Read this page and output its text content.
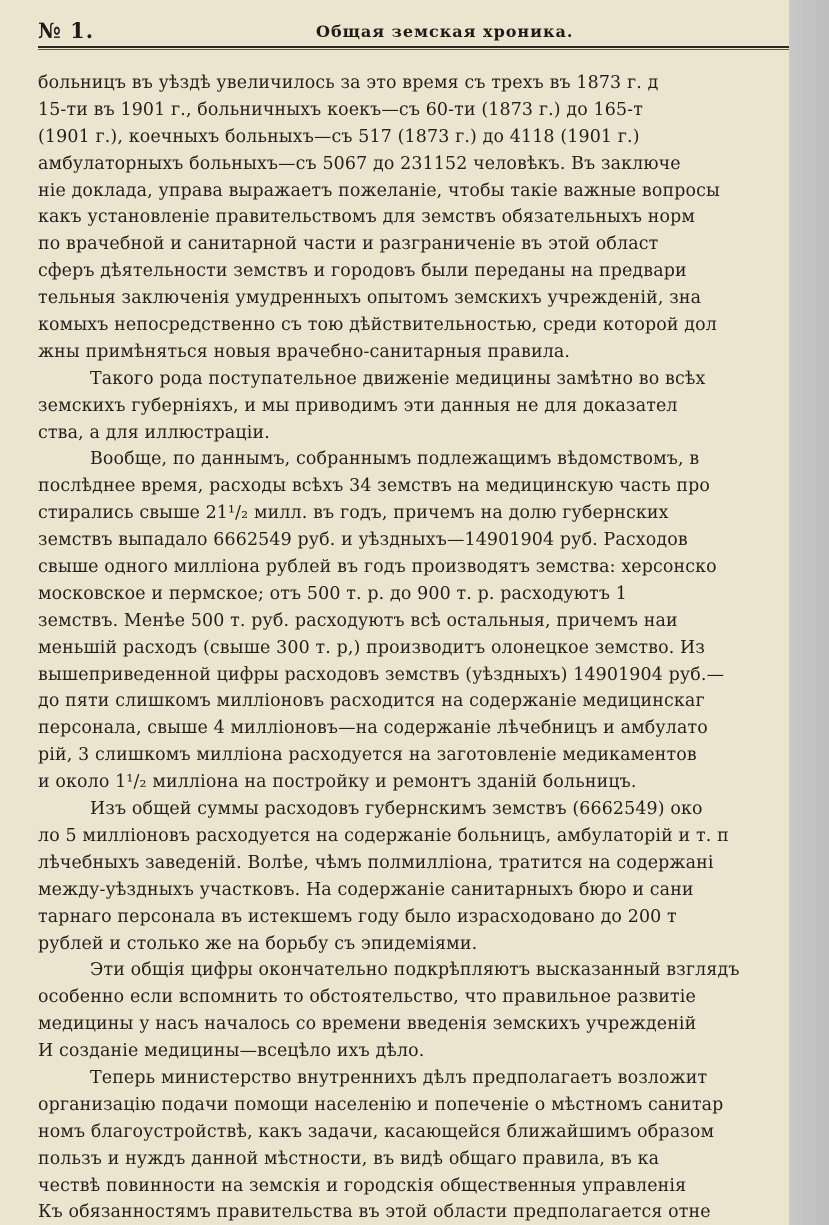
№ 1.	Общая земская хроника.
больницъ въ уѣздѣ увеличилось за это время съ трехъ въ 1873 г. д
15-ти въ 1901 г., больничныхъ коекъ—съ 60-ти (1873 г.) до 165-т
(1901 г.), коечныхъ больныхъ—съ 517 (1873 г.) до 4118 (1901 г.)
амбулаторныхъ больныхъ—съ 5067 до 231152 человѣкъ. Въ заключе
ніе доклада, управа выражаетъ пожеланіе, чтобы такіе важные вопросы
какъ установленіе правительствомъ для земствъ обязательныхъ норм
по врачебной и санитарной части и разграниченіе въ этой област
сферъ дѣятельности земствъ и городовъ были переданы на предвари
тельныя заключенія умудренныхъ опытомъ земскихъ учрежденій, зна
комыхъ непосредственно съ тою дѣйствительностью, среди которой дол
жны примѣняться новыя врачебно-санитарныя правила.
Такого рода поступательное движеніе медицины замѣтно во всѣх
земскихъ губерніяхъ, и мы приводимъ эти данныя не для доказател
ства, а для иллюстраціи.
Вообще, по даннымъ, собраннымъ подлежащимъ вѣдомствомъ, в
послѣднее время, расходы всѣхъ 34 земствъ на медицинскую часть про
стирались свыше 21¹/₂ милл. въ годъ, причемъ на долю губернских
земствъ выпадало 6662549 руб. и уѣздныхъ—14901904 руб. Расходов
свыше одного милліона рублей въ годъ производятъ земства: херсонско
московское и пермское; отъ 500 т. р. до 900 т. р. расходуютъ 1
земствъ. Менѣе 500 т. руб. расходуютъ всѣ остальныя, причемъ наи
меньшій расходъ (свыше 300 т. р,) производитъ олонецкое земство. Из
вышеприведенной цифры расходовъ земствъ (уѣздныхъ) 14901904 руб.—
до пяти слишкомъ милліоновъ расходится на содержаніе медицинскаг
персонала, свыше 4 милліоновъ—на содержаніе лѣчебницъ и амбулато
рій, 3 слишкомъ милліона расходуется на заготовленіе медикаментов
и около 1¹/₂ милліона на постройку и ремонтъ зданій больницъ.
Изъ общей суммы расходовъ губернскимъ земствъ (6662549) око
ло 5 милліоновъ расходуется на содержаніе больницъ, амбулаторій и т. п
лѣчебныхъ заведеній. Волѣе, чѣмъ полмилліона, тратится на содержані
между-уѣздныхъ участковъ. На содержаніе санитарныхъ бюро и сани
тарнаго персонала въ истекшемъ году было израсходовано до 200 т
рублей и столько же на борьбу съ эпидеміями.
Эти общія цифры окончательно подкрѣпляютъ высказанный взглядъ
особенно если вспомнить то обстоятельство, что правильное развитіе
медицины у насъ началось со времени введенія земскихъ учрежденій
И созданіе медицины—всецѣло ихъ дѣло.
Теперь министерство внутреннихъ дѣлъ предполагаетъ возложит
организацію подачи помощи населенію и попеченіе о мѣстномъ санитар
номъ благоустройствѣ, какъ задачи, касающейся ближайшимъ образом
пользъ и нуждъ данной мѣстности, въ видѣ общаго правила, въ ка
чествѣ повинности на земскія и городскія общественныя управленія
Къ обязанностямъ правительства въ этой области предполагается отне
